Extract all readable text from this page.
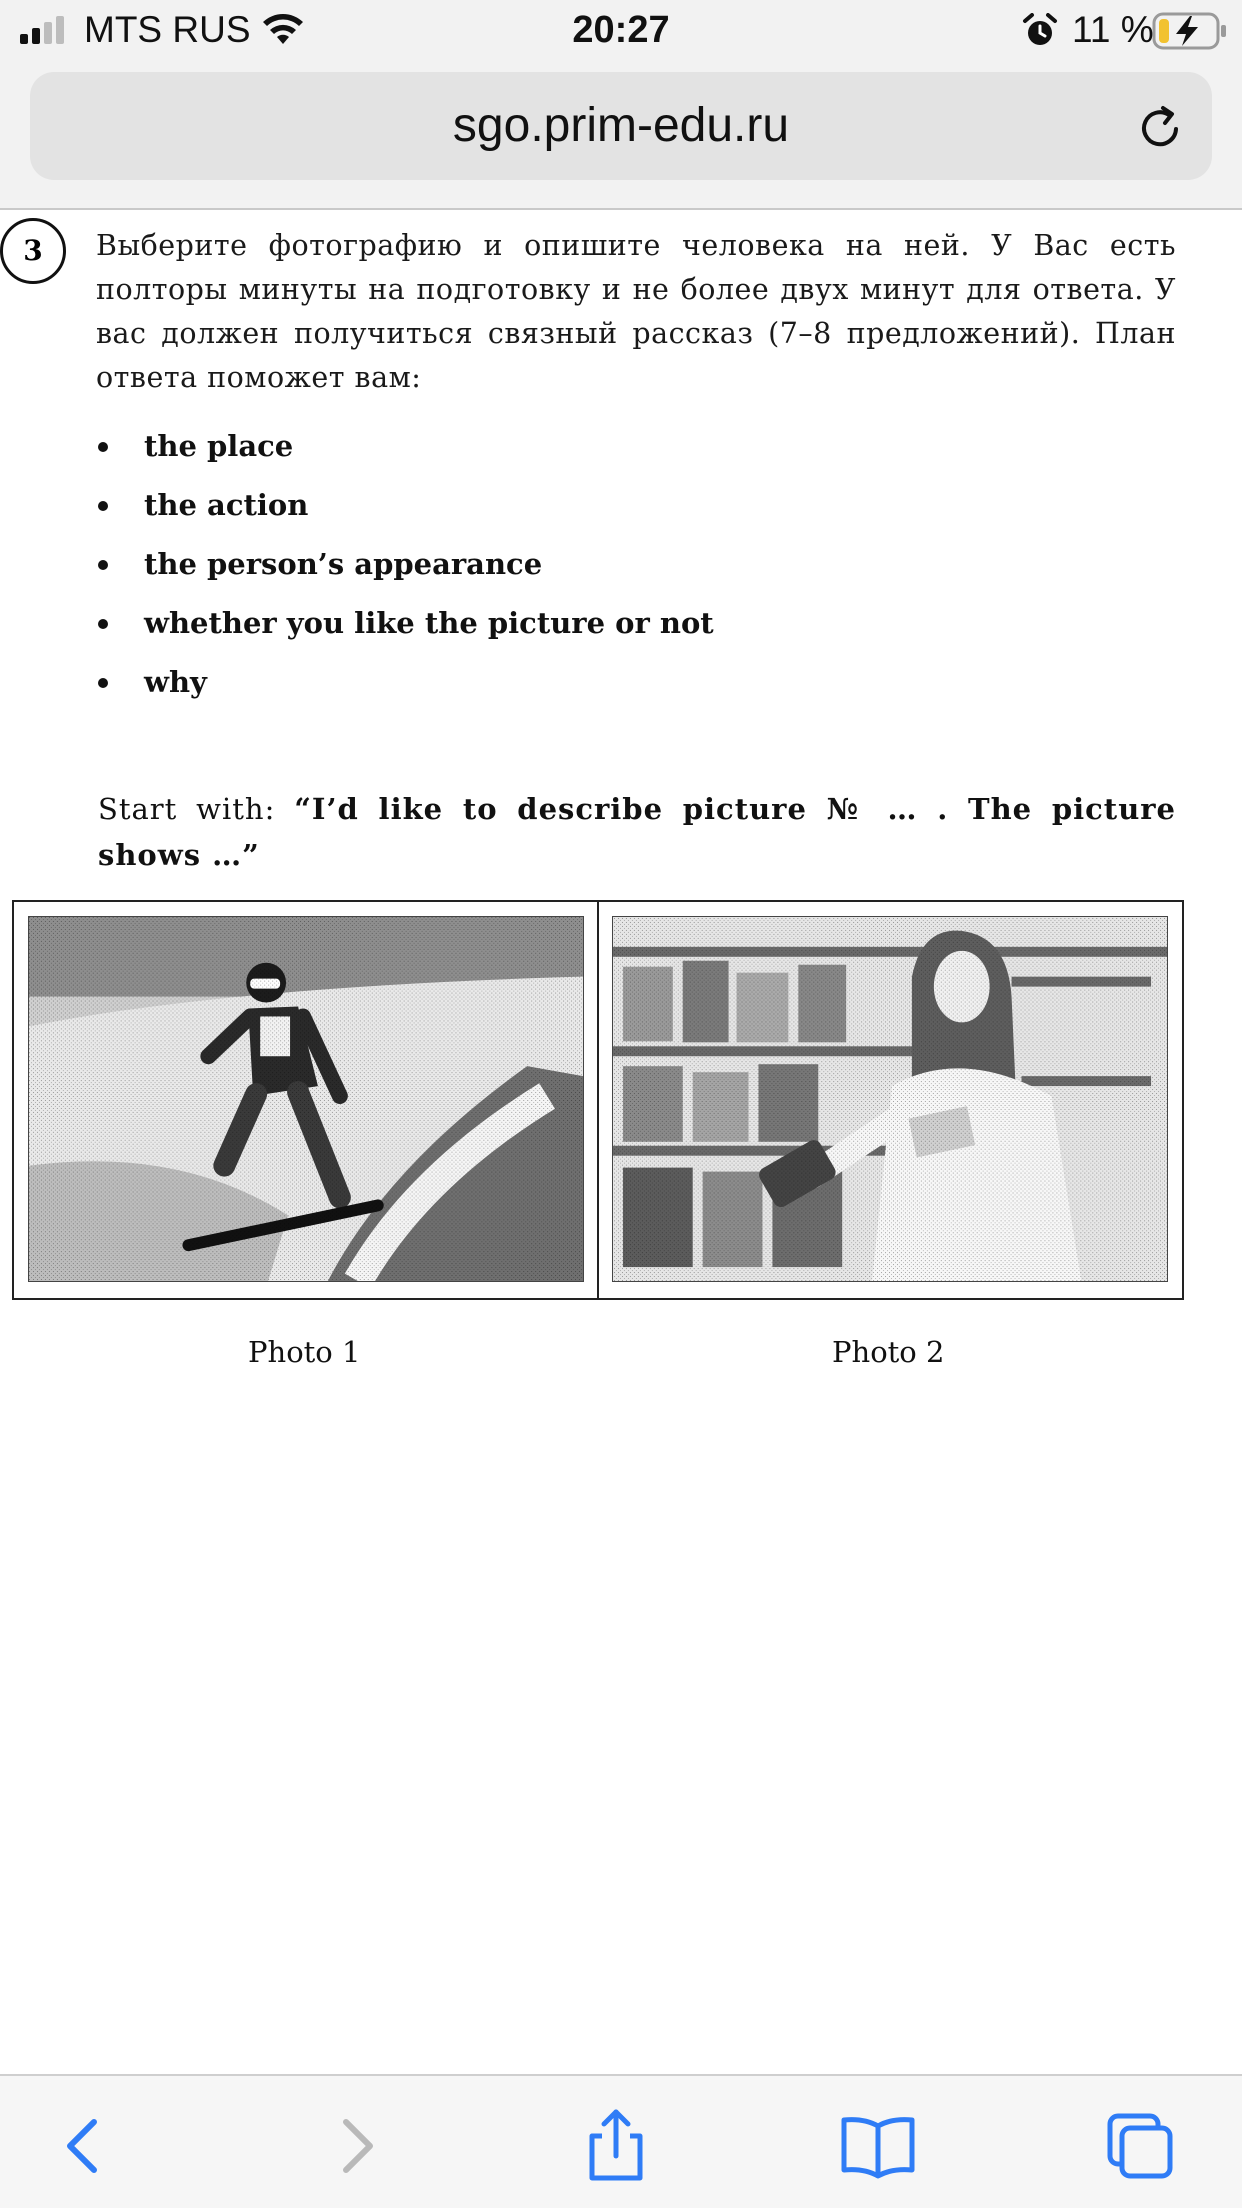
MTS RUS	20:27	11 %
sgo.prim-edu.ru
3	Выберите фотографию и опишите человека на ней. У Вас есть полторы минуты на подготовку и не более двух минут для ответа. У вас должен получиться связный рассказ (7–8 предложений). План ответа поможет вам:

the place
the action
the person’s appearance
whether you like the picture or not
why

Start with: “I’d like to describe picture № … . The picture shows …”

Photo 1	Photo 2
